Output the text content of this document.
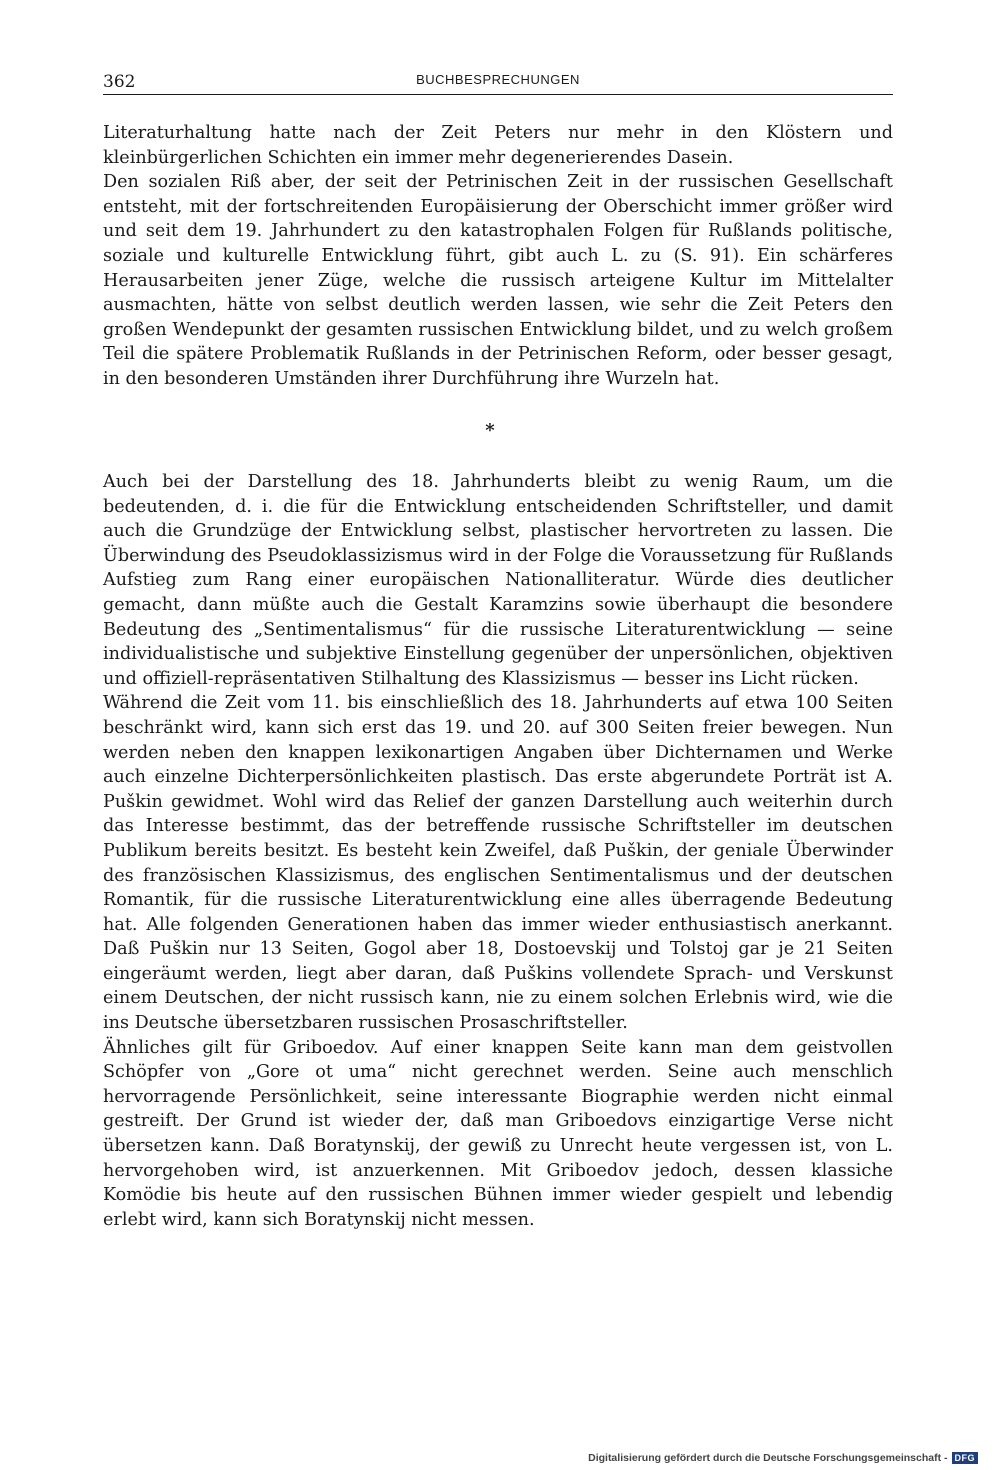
362	BUCHBESPRECHUNGEN

Literaturhaltung hatte nach der Zeit Peters nur mehr in den Klöstern und kleinbürgerlichen Schichten ein immer mehr degenerierendes Dasein.

Den sozialen Riß aber, der seit der Petrinischen Zeit in der russischen Gesellschaft entsteht, mit der fortschreitenden Europäisierung der Oberschicht immer größer wird und seit dem 19. Jahrhundert zu den katastrophalen Folgen für Rußlands politische, soziale und kulturelle Entwicklung führt, gibt auch L. zu (S. 91). Ein schärferes Herausarbeiten jener Züge, welche die russisch arteigene Kultur im Mittelalter ausmachten, hätte von selbst deutlich werden lassen, wie sehr die Zeit Peters den großen Wendepunkt der gesamten russischen Entwicklung bildet, und zu welch großem Teil die spätere Problematik Rußlands in der Petrinischen Reform, oder besser gesagt, in den besonderen Umständen ihrer Durchführung ihre Wurzeln hat.

*

Auch bei der Darstellung des 18. Jahrhunderts bleibt zu wenig Raum, um die bedeutenden, d. i. die für die Entwicklung entscheidenden Schriftsteller, und damit auch die Grundzüge der Entwicklung selbst, plastischer hervortreten zu lassen. Die Überwindung des Pseudoklassizismus wird in der Folge die Voraussetzung für Rußlands Aufstieg zum Rang einer europäischen Nationalliteratur. Würde dies deutlicher gemacht, dann müßte auch die Gestalt Karamzins sowie überhaupt die besondere Bedeutung des „Sentimentalismus“ für die russische Literaturentwicklung — seine individualistische und subjektive Einstellung gegenüber der unpersönlichen, objektiven und offiziell-repräsentativen Stilhaltung des Klassizismus — besser ins Licht rücken.

Während die Zeit vom 11. bis einschließlich des 18. Jahrhunderts auf etwa 100 Seiten beschränkt wird, kann sich erst das 19. und 20. auf 300 Seiten freier bewegen. Nun werden neben den knappen lexikonartigen Angaben über Dichternamen und Werke auch einzelne Dichterpersönlichkeiten plastisch. Das erste abgerundete Porträt ist A. Puškin gewidmet. Wohl wird das Relief der ganzen Darstellung auch weiterhin durch das Interesse bestimmt, das der betreffende russische Schriftsteller im deutschen Publikum bereits besitzt. Es besteht kein Zweifel, daß Puškin, der geniale Überwinder des französischen Klassizismus, des englischen Sentimentalismus und der deutschen Romantik, für die russische Literaturentwicklung eine alles überragende Bedeutung hat. Alle folgenden Generationen haben das immer wieder enthusiastisch anerkannt. Daß Puškin nur 13 Seiten, Gogol aber 18, Dostoevskij und Tolstoj gar je 21 Seiten eingeräumt werden, liegt aber daran, daß Puškins vollendete Sprach- und Verskunst einem Deutschen, der nicht russisch kann, nie zu einem solchen Erlebnis wird, wie die ins Deutsche übersetzbaren russischen Prosaschriftsteller.

Ähnliches gilt für Griboedov. Auf einer knappen Seite kann man dem geistvollen Schöpfer von „Gore ot uma“ nicht gerechnet werden. Seine auch menschlich hervorragende Persönlichkeit, seine interessante Biographie werden nicht einmal gestreift. Der Grund ist wieder der, daß man Griboedovs einzigartige Verse nicht übersetzen kann. Daß Boratynskij, der gewiß zu Unrecht heute vergessen ist, von L. hervorgehoben wird, ist anzuerkennen. Mit Griboedov jedoch, dessen klassiche Komödie bis heute auf den russischen Bühnen immer wieder gespielt und lebendig erlebt wird, kann sich Boratynskij nicht messen.

Digitalisierung gefördert durch die Deutsche Forschungsgemeinschaft - DFG
